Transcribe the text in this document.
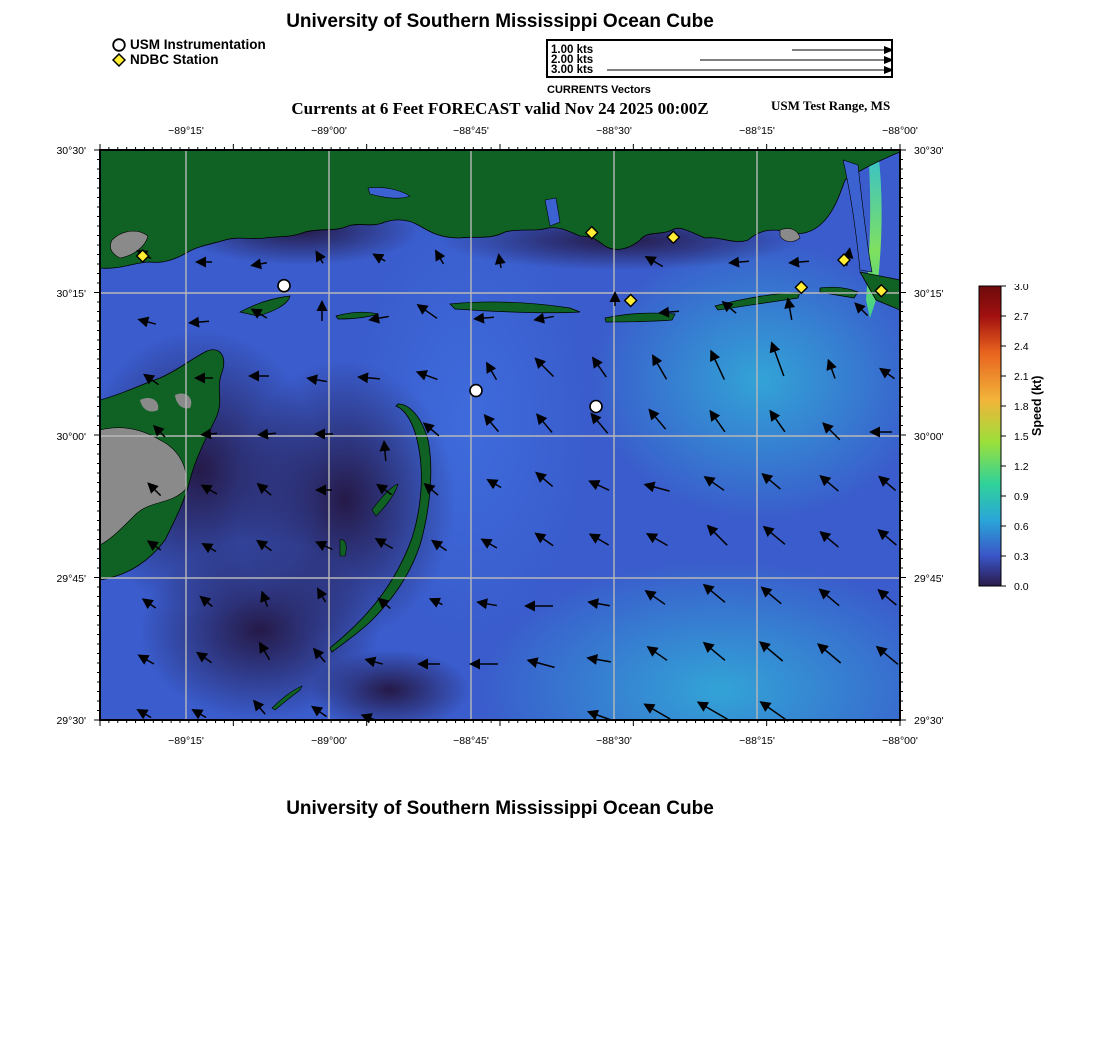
University of Southern Mississippi Ocean Cube
USM Instrumentation
NDBC Station
1.00 kts
2.00 kts
3.00 kts
CURRENTS Vectors
Currents at 6 Feet FORECAST valid Nov 24 2025 00:00Z	USM Test Range, MS
−89°15'	−89°00'	−88°45'	−88°30'	−88°15'	−88°00'
−89°15'	−89°00'	−88°45'	−88°30'	−88°15'	−88°00'
30°30'
30°15'
30°00'
29°45'
29°30'
30°30'
30°15'
30°00'
29°45'
29°30'
3.0
2.7
2.4
2.1
1.8
1.5
1.2
0.9
0.6
0.3
0.0
Speed (kt)
University of Southern Mississippi Ocean Cube
